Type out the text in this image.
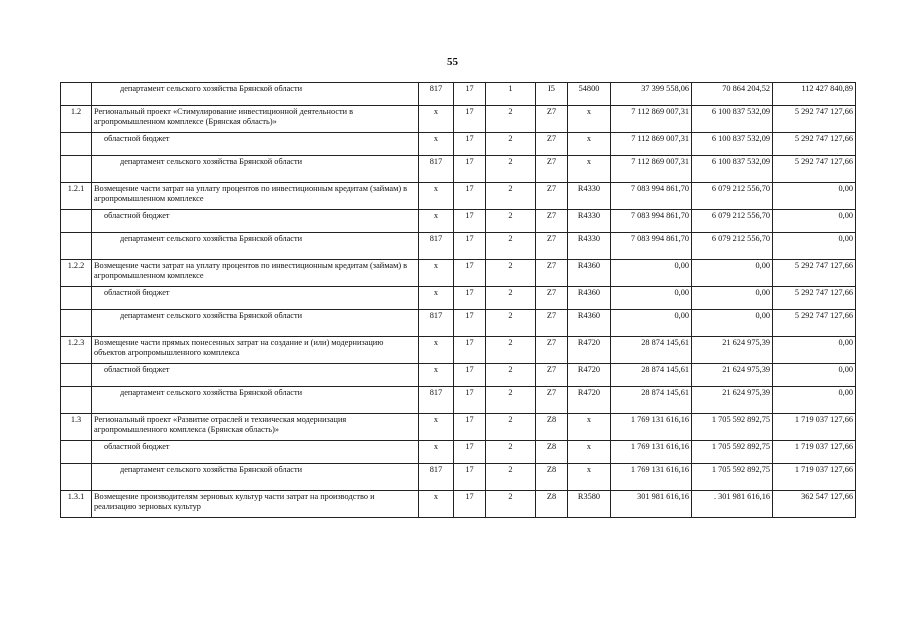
55
	департамент сельского хозяйства Брянской области	817	17	1	I5	54800	37 399 558,06	70 864 204,52	112 427 840,89
1.2	Региональный проект «Стимулирование инвестиционной деятельности в агропромышленном комплексе (Брянская область)»	х	17	2	Z7	х	7 112 869 007,31	6 100 837 532,09	5 292 747 127,66
	областной бюджет	х	17	2	Z7	х	7 112 869 007,31	6 100 837 532,09	5 292 747 127,66
	департамент сельского хозяйства Брянской области	817	17	2	Z7	х	7 112 869 007,31	6 100 837 532,09	5 292 747 127,66
1.2.1	Возмещение части затрат на уплату процентов по инвестиционным кредитам (займам) в агропромышленном комплексе	х	17	2	Z7	R4330	7 083 994 861,70	6 079 212 556,70	0,00
	областной бюджет	х	17	2	Z7	R4330	7 083 994 861,70	6 079 212 556,70	0,00
	департамент сельского хозяйства Брянской области	817	17	2	Z7	R4330	7 083 994 861,70	6 079 212 556,70	0,00
1.2.2	Возмещение части затрат на уплату процентов по инвестиционным кредитам (займам) в агропромышленном комплексе	х	17	2	Z7	R4360	0,00	0,00	5 292 747 127,66
	областной бюджет	х	17	2	Z7	R4360	0,00	0,00	5 292 747 127,66
	департамент сельского хозяйства Брянской области	817	17	2	Z7	R4360	0,00	0,00	5 292 747 127,66
1.2.3	Возмещение части прямых понесенных затрат на создание и (или) модернизацию объектов агропромышленного комплекса	х	17	2	Z7	R4720	28 874 145,61	21 624 975,39	0,00
	областной бюджет	х	17	2	Z7	R4720	28 874 145,61	21 624 975,39	0,00
	департамент сельского хозяйства Брянской области	817	17	2	Z7	R4720	28 874 145,61	21 624 975,39	0,00
1.3	Региональный проект «Развитие отраслей и техническая модернизация агропромышленного комплекса (Брянская область)»	х	17	2	Z8	х	1 769 131 616,16	1 705 592 892,75	1 719 037 127,66
	областной бюджет	х	17	2	Z8	х	1 769 131 616,16	1 705 592 892,75	1 719 037 127,66
	департамент сельского хозяйства Брянской области	817	17	2	Z8	х	1 769 131 616,16	1 705 592 892,75	1 719 037 127,66
1.3.1	Возмещение производителям зерновых культур части затрат на производство и реализацию зерновых культур	х	17	2	Z8	R3580	301 981 616,16	. 301 981 616,16	362 547 127,66
